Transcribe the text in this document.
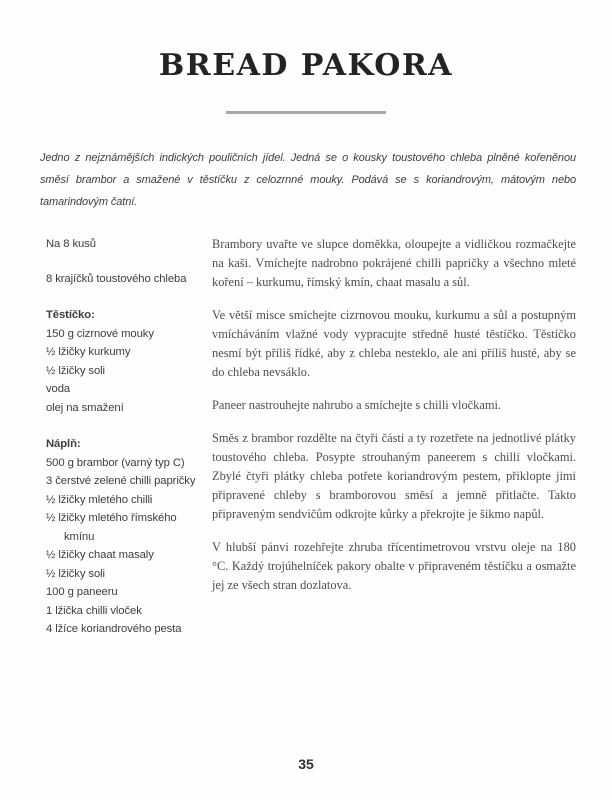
BREAD PAKORA

Jedno z nejznámějších indických pouličních jídel. Jedná se o kousky toustového chleba plněné kořeněnou směsí brambor a smažené v těstíčku z celozrnné mouky. Podává se s koriandrovým, mátovým nebo tamarindovým čatní.

Na 8 kusů

8 krajíčků toustového chleba

Těstíčko:

150 g cizrnové mouky

½ lžičky kurkumy

½ lžičky soli

voda

olej na smažení

Náplň:

500 g brambor (varný typ C)

3 čerstvé zelené chilli papričky

½ lžičky mletého chilli

½ lžičky mletého římského kmínu

½ lžičky chaat masaly

½ lžičky soli

100 g paneeru

1 lžička chilli vloček

4 lžíce koriandrového pesta

Brambory uvařte ve slupce doměkka, oloupejte a vidličkou rozmačkejte na kaši. Vmíchejte nadrobno pokrájené chilli papričky a všechno mleté koření – kurkumu, římský kmín, chaat masalu a sůl.

Ve větší misce smíchejte cizrnovou mouku, kurkumu a sůl a postupným vmícháváním vlažné vody vypracujte středně husté těstíčko. Těstíčko nesmí být příliš řídké, aby z chleba nesteklo, ale ani příliš husté, aby se do chleba nevsáklo.

Paneer nastrouhejte nahrubo a smíchejte s chilli vločkami.

Směs z brambor rozdělte na čtyři části a ty rozetřete na jednotlivé plátky toustového chleba. Posypte strouhaným paneerem s chilli vločkami. Zbylé čtyři plátky chleba potřete koriandrovým pestem, přiklopte jimi připravené chleby s bramborovou směsí a jemně přitlačte. Takto připraveným sendvičům odkrojte kůrky a překrojte je šikmo napůl.

V hlubší pánvi rozehřejte zhruba třícentimetrovou vrstvu oleje na 180 °C. Každý trojúhelníček pakory obalte v připraveném těstíčku a osmažte jej ze všech stran dozlatova.

35
